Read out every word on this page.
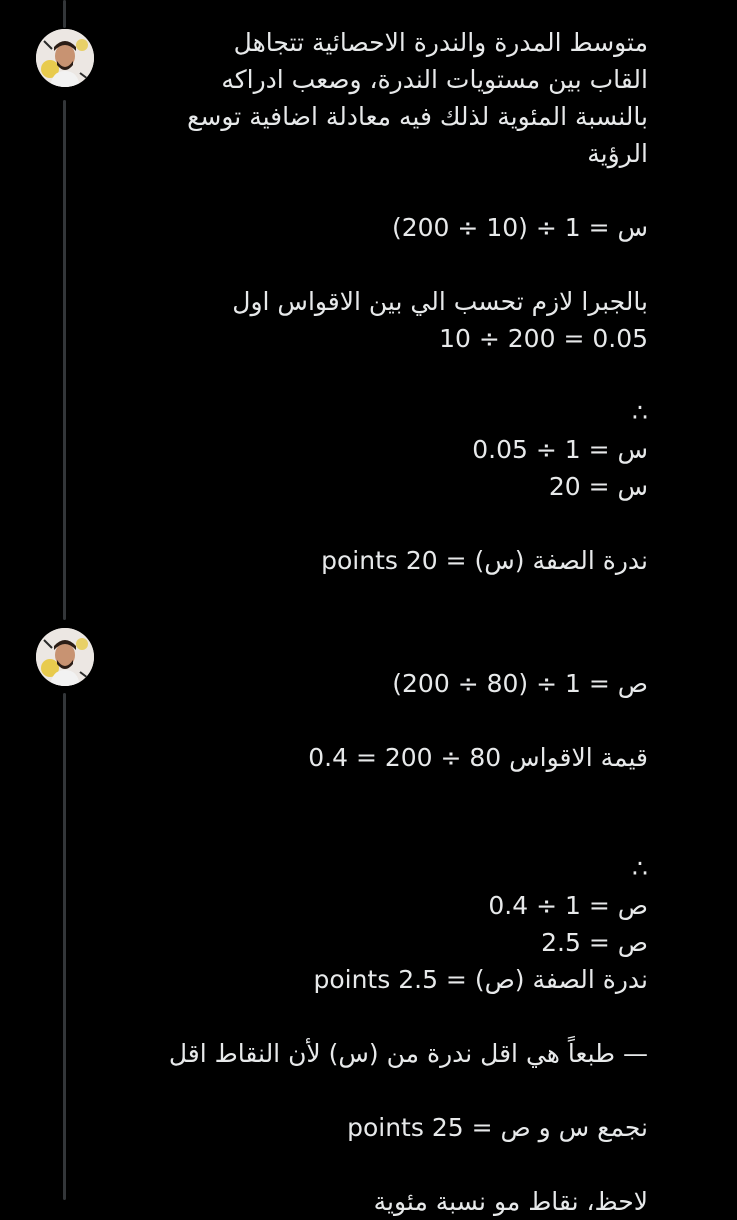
متوسط المدرة والندرة الاحصائية تتجاهل
القاب بين مستويات الندرة، وصعب ادراكه
بالنسبة المئوية لذلك فيه معادلة اضافية توسع
الرؤية
س = 1 ÷ (10 ÷ 200)
بالجبرا لازم تحسب الي بين الاقواس اول
10 ÷ 200 = 0.05
∴
س = 1 ÷ 0.05
س = 20
ندرة الصفة (س) = 20 points
ص = 1 ÷ (80 ÷ 200)
قيمة الاقواس 80 ÷ 200 = 0.4
∴
ص = 1 ÷ 0.4
ص = 2.5
ندرة الصفة (ص) = 2.5 points
— طبعاً هي اقل ندرة من (س) لأن النقاط اقل
نجمع س و ص = 25 points
لاحظ، نقاط مو نسبة مئوية
